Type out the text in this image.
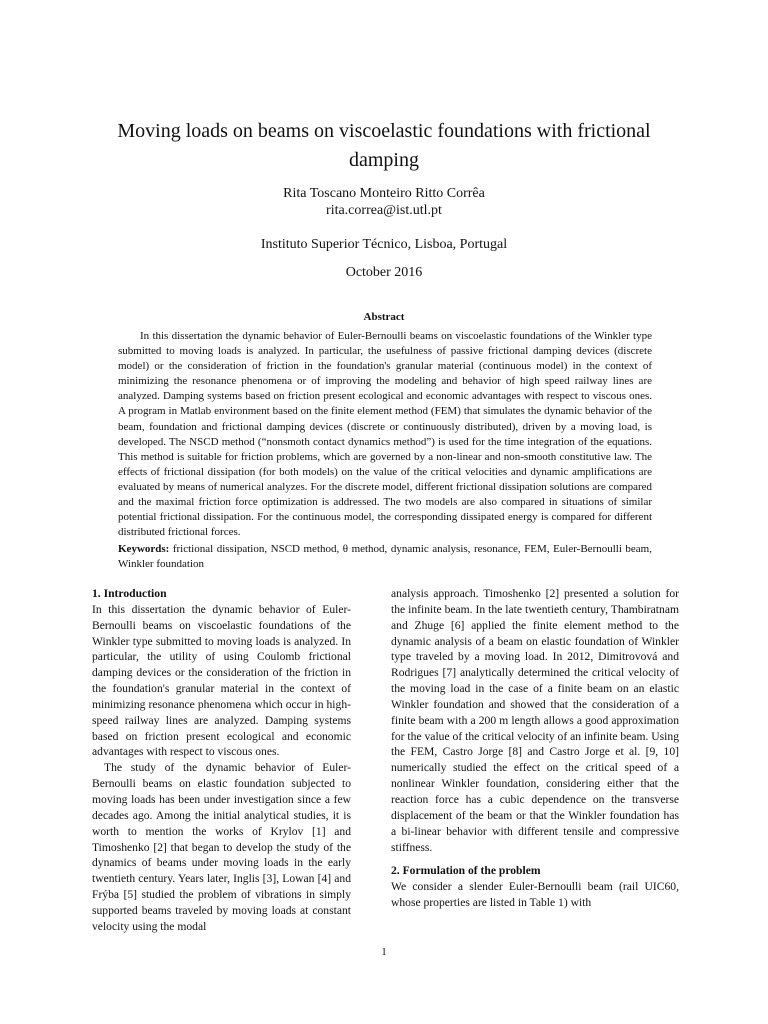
Moving loads on beams on viscoelastic foundations with frictional damping
Rita Toscano Monteiro Ritto Corrêa
rita.correa@ist.utl.pt
Instituto Superior Técnico, Lisboa, Portugal
October 2016
Abstract
In this dissertation the dynamic behavior of Euler-Bernoulli beams on viscoelastic foundations of the Winkler type submitted to moving loads is analyzed. In particular, the usefulness of passive frictional damping devices (discrete model) or the consideration of friction in the foundation's granular material (continuous model) in the context of minimizing the resonance phenomena or of improving the modeling and behavior of high speed railway lines are analyzed. Damping systems based on friction present ecological and economic advantages with respect to viscous ones. A program in Matlab environment based on the finite element method (FEM) that simulates the dynamic behavior of the beam, foundation and frictional damping devices (discrete or continuously distributed), driven by a moving load, is developed. The NSCD method (“nonsmoth contact dynamics method”) is used for the time integration of the equations. This method is suitable for friction problems, which are governed by a non-linear and non-smooth constitutive law. The effects of frictional dissipation (for both models) on the value of the critical velocities and dynamic amplifications are evaluated by means of numerical analyzes. For the discrete model, different frictional dissipation solutions are compared and the maximal friction force optimization is addressed. The two models are also compared in situations of similar potential frictional dissipation. For the continuous model, the corresponding dissipated energy is compared for different distributed frictional forces.
Keywords: frictional dissipation, NSCD method, θ method, dynamic analysis, resonance, FEM, Euler-Bernoulli beam, Winkler foundation

1. Introduction

In this dissertation the dynamic behavior of Euler-Bernoulli beams on viscoelastic foundations of the Winkler type submitted to moving loads is analyzed. In particular, the utility of using Coulomb frictional damping devices or the consideration of the friction in the foundation's granular material in the context of minimizing resonance phenomena which occur in high-speed railway lines are analyzed. Damping systems based on friction present ecological and economic advantages with respect to viscous ones.

The study of the dynamic behavior of Euler-Bernoulli beams on elastic foundation subjected to moving loads has been under investigation since a few decades ago. Among the initial analytical studies, it is worth to mention the works of Krylov [1] and Timoshenko [2] that began to develop the study of the dynamics of beams under moving loads in the early twentieth century. Years later, Inglis [3], Lowan [4] and Frýba [5] studied the problem of vibrations in simply supported beams traveled by moving loads at constant velocity using the modal

analysis approach. Timoshenko [2] presented a solution for the infinite beam. In the late twentieth century, Thambiratnam and Zhuge [6] applied the finite element method to the dynamic analysis of a beam on elastic foundation of Winkler type traveled by a moving load. In 2012, Dimitrovová and Rodrigues [7] analytically determined the critical velocity of the moving load in the case of a finite beam on an elastic Winkler foundation and showed that the consideration of a finite beam with a 200 m length allows a good approximation for the value of the critical velocity of an infinite beam. Using the FEM, Castro Jorge [8] and Castro Jorge et al. [9, 10] numerically studied the effect on the critical speed of a nonlinear Winkler foundation, considering either that the reaction force has a cubic dependence on the transverse displacement of the beam or that the Winkler foundation has a bi-linear behavior with different tensile and compressive stiffness.

2. Formulation of the problem

We consider a slender Euler-Bernoulli beam (rail UIC60, whose properties are listed in Table 1) with

1
